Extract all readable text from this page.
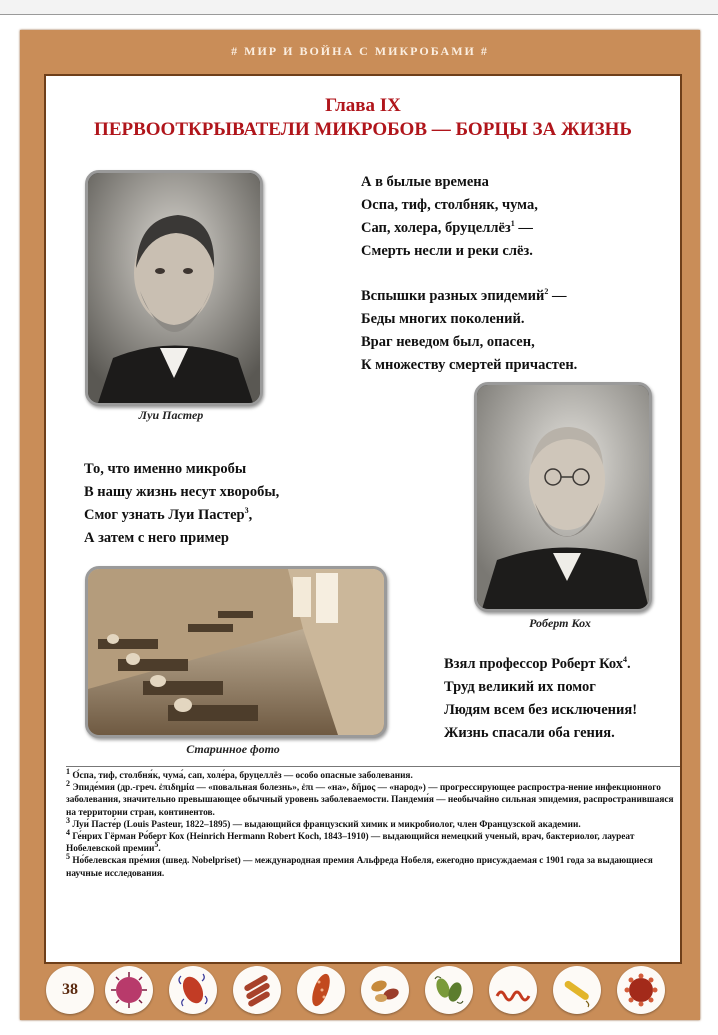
# МИР И ВОЙНА С МИКРОБАМИ #
Глава IX
ПЕРВООТКРЫВАТЕЛИ МИКРОБОВ — БОРЦЫ ЗА ЖИЗНЬ
Луи Пастер
А в былые времена
Оспа, тиф, столбняк, чума,
Сап, холера, бруцеллёз$^1$ —
Смерть несли и реки слёз.
Вспышки разных эпидемий$^2$ —
Беды многих поколений.
Враг неведом был, опасен,
К множеству смертей причастен.
Роберт Кох
То, что именно микробы
В нашу жизнь несут хворобы,
Смог узнать Луи Пастер$^3$,
А затем с него пример
Старинное фото
Взял профессор Роберт Кох$^4$.
Труд великий их помог
Людям всем без исключения!
Жизнь спасали оба гения.

$^1$ О́спа, тиф, столбня́к, чума́, сап, холе́ра, бруцеллёз — особо опасные заболевания.

$^2$ Эпиде́мия (др.-греч. ἐπιδημία — «повальная болезнь», ἐπι — «на», δῆμος — «народ») — прогрессирующее распростра-нение инфекционного заболевания, значительно превышающее обычный уровень заболеваемости. Пандеми́я — необычайно сильная эпидемия, распространившаяся на территории стран, континентов.

$^3$ Луи́ Пасте́р (Louis Pasteur, 1822–1895) — выдающийся французский химик и микробиолог, член Французской академии.

$^4$ Ге́нрих Гёрман Ро́берт Кох (Heinrich Hermann Robert Koch, 1843–1910) — выдающийся немецкий ученый, врач, бактериолог, лауреат Нобелевской премии$^5$.

$^5$ Но́белевская пре́мия (швед. Nobelpriset) — международная премия Альфреда Нобеля, ежегодно присуждаемая с 1901 года за выдающиеся научные исследования.

38
